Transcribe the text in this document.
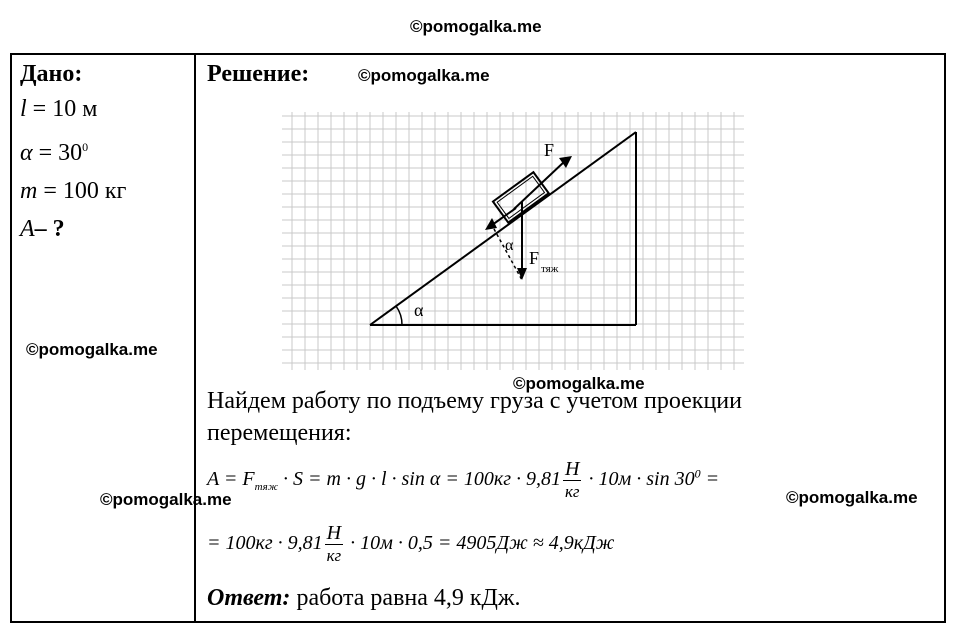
©pomogalka.me
Дано:
l = 10 м
$\alpha = 30^0$
m = 100 кг
A– ?
©pomogalka.me
Решение:	©pomogalka.me
α
F
α
F
тяж
©pomogalka.me
Найдем работу по подъему груза с учетом проекции
перемещения:
$A = F_{тяж} \cdot S = m \cdot g \cdot l \cdot \sin \alpha = 100кг \cdot 9,81 \frac{Н}{кг} \cdot 10м \cdot \sin 30^0$ =
©pomogalka.me	©pomogalka.me
= $100кг \cdot 9,81 \frac{Н}{кг} \cdot 10м \cdot 0,5 = 4905Дж \approx 4,9кДж$
Ответ: работа равна 4,9 кДж.
